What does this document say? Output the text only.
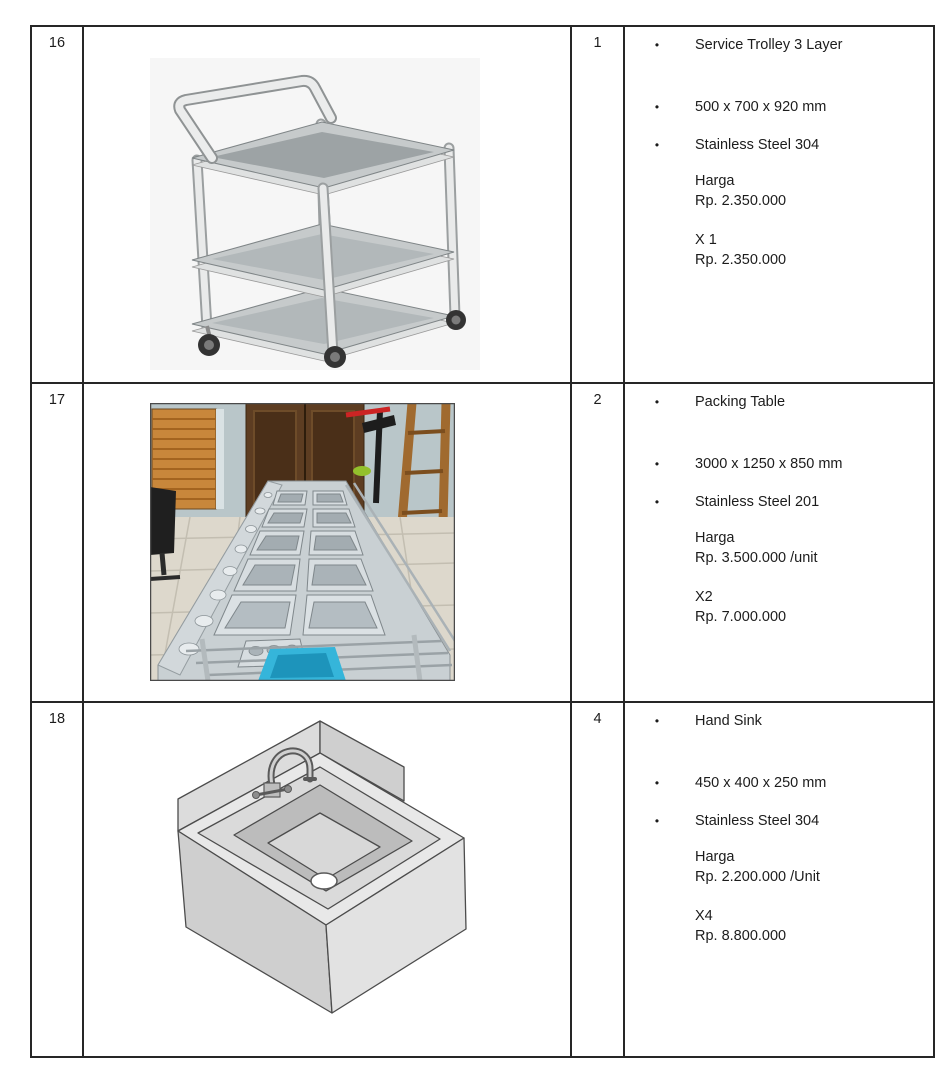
16	1	•	Service Trolley 3 Layer
•	500 x 700 x 920 mm
•	Stainless Steel 304
Harga
Rp. 2.350.000
X 1
Rp. 2.350.000
17	2	•	Packing Table
•	3000 x 1250 x 850 mm
•	Stainless Steel 201
Harga
Rp. 3.500.000 /unit
X2
Rp. 7.000.000
18	4	•	Hand Sink
•	450 x 400 x 250 mm
•	Stainless Steel 304
Harga
Rp. 2.200.000 /Unit
X4
Rp. 8.800.000
